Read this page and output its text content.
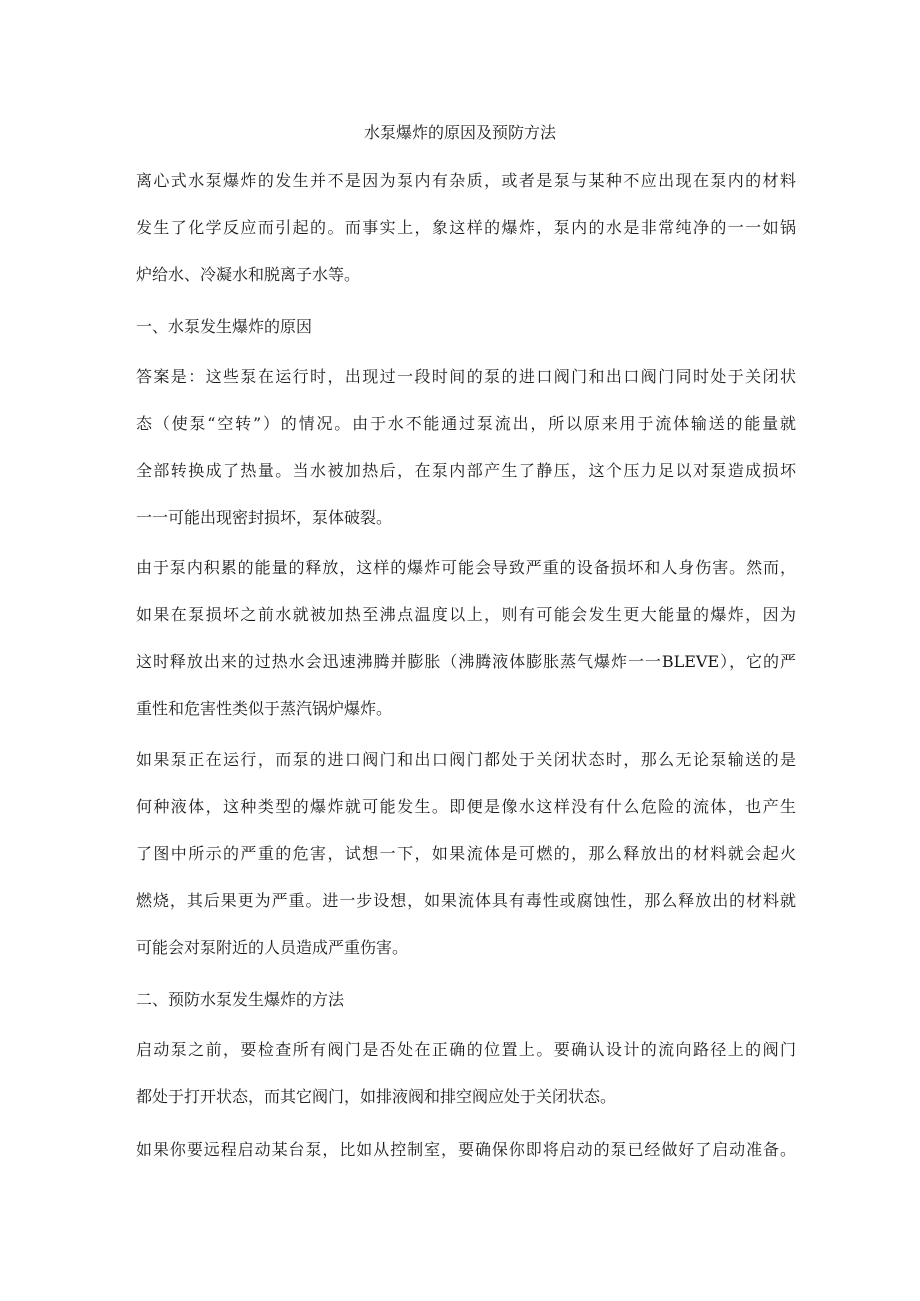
水泵爆炸的原因及预防方法
离心式水泵爆炸的发生并不是因为泵内有杂质，或者是泵与某种不应出现在泵内的材料
发生了化学反应而引起的。而事实上，象这样的爆炸，泵内的水是非常纯净的一一如锅
炉给水、冷凝水和脱离子水等。
一、水泵发生爆炸的原因
答案是：这些泵在运行时，出现过一段时间的泵的进口阀门和出口阀门同时处于关闭状
态（使泵“空转”）的情况。由于水不能通过泵流出，所以原来用于流体输送的能量就
全部转换成了热量。当水被加热后，在泵内部产生了静压，这个压力足以对泵造成损坏
一一可能出现密封损坏，泵体破裂。
由于泵内积累的能量的释放，这样的爆炸可能会导致严重的设备损坏和人身伤害。然而，
如果在泵损坏之前水就被加热至沸点温度以上，则有可能会发生更大能量的爆炸，因为
这时释放出来的过热水会迅速沸腾并膨胀（沸腾液体膨胀蒸气爆炸一一BLEVE），它的严
重性和危害性类似于蒸汽锅炉爆炸。
如果泵正在运行，而泵的进口阀门和出口阀门都处于关闭状态时，那么无论泵输送的是
何种液体，这种类型的爆炸就可能发生。即便是像水这样没有什么危险的流体，也产生
了图中所示的严重的危害，试想一下，如果流体是可燃的，那么释放出的材料就会起火
燃烧，其后果更为严重。进一步设想，如果流体具有毒性或腐蚀性，那么释放出的材料就
可能会对泵附近的人员造成严重伤害。
二、预防水泵发生爆炸的方法
启动泵之前，要检查所有阀门是否处在正确的位置上。要确认设计的流向路径上的阀门
都处于打开状态，而其它阀门，如排液阀和排空阀应处于关闭状态。
如果你要远程启动某台泵，比如从控制室，要确保你即将启动的泵已经做好了启动准备。
